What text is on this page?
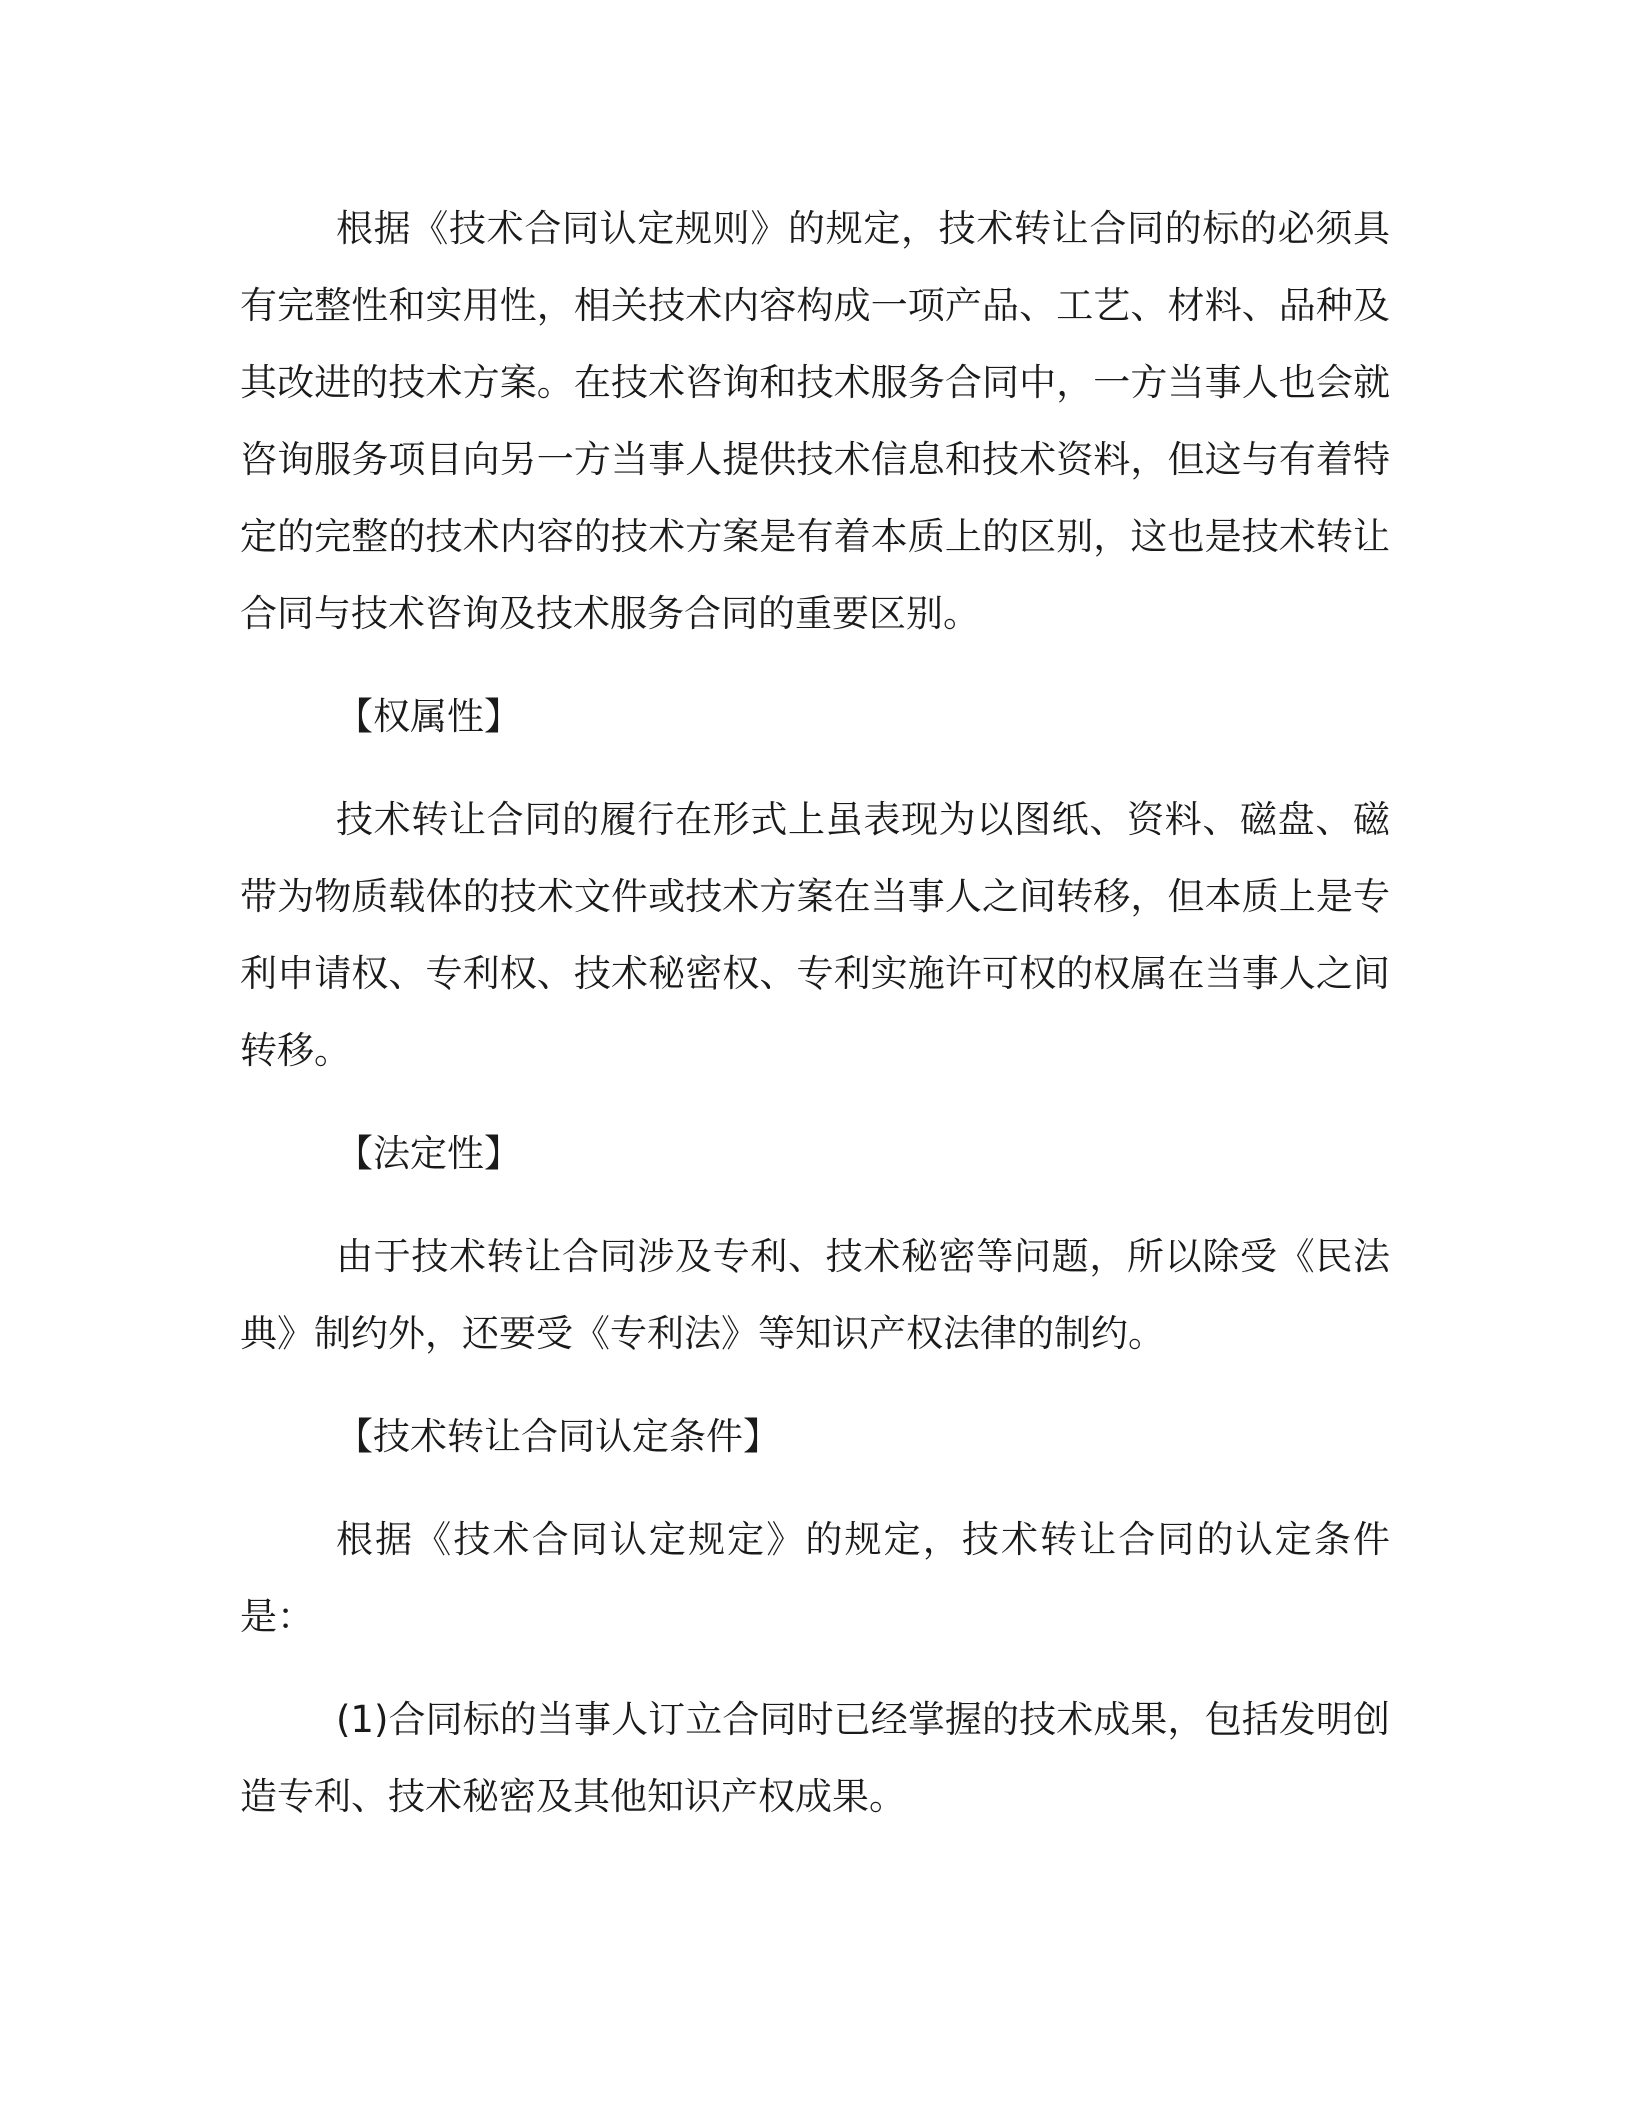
根据《技术合同认定规则》的规定，技术转让合同的标的必须具有完整性和实用性，相关技术内容构成一项产品、工艺、材料、品种及其改进的技术方案。在技术咨询和技术服务合同中，一方当事人也会就咨询服务项目向另一方当事人提供技术信息和技术资料，但这与有着特定的完整的技术内容的技术方案是有着本质上的区别，这也是技术转让合同与技术咨询及技术服务合同的重要区别。

【权属性】

技术转让合同的履行在形式上虽表现为以图纸、资料、磁盘、磁带为物质载体的技术文件或技术方案在当事人之间转移，但本质上是专利申请权、专利权、技术秘密权、专利实施许可权的权属在当事人之间转移。

【法定性】

由于技术转让合同涉及专利、技术秘密等问题，所以除受《民法典》制约外，还要受《专利法》等知识产权法律的制约。

【技术转让合同认定条件】

根据《技术合同认定规定》的规定，技术转让合同的认定条件是：

(1)合同标的当事人订立合同时已经掌握的技术成果，包括发明创造专利、技术秘密及其他知识产权成果。
